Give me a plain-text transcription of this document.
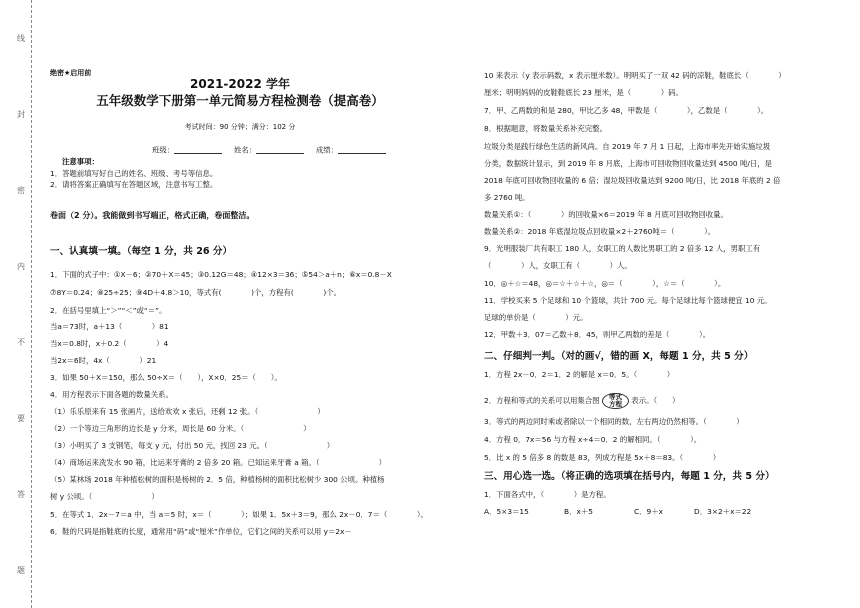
线
封
密
内
不
要
答
题
绝密★启用前
2021-2022 学年
五年级数学下册第一单元简易方程检测卷（提高卷）
考试时间：90 分钟；满分：102 分
班级：	姓名：	成绩：
注意事项：
1．答题前填写好自己的姓名、班级、考号等信息。
2．请将答案正确填写在答题区域，注意书写工整。
卷面（2 分）。我能做到书写端正，格式正确，卷面整洁。
一、认真填一填。（每空 1 分，共 26 分）
1．下面的式子中：①X－6；②70＋X＝45；③0.12G＝48；④12×3＝36；⑤54＞a＋n；⑥x＝0.8－X
⑦8Y＝0.24；⑧25÷25；⑨4D＋4.8＞10，等式有(　　　　)个，方程有(　　　　)个。
2．在括号里填上“＞”“＜”或“＝”。
当a＝73时，a＋13（　　　　）81
当x＝0.8时，x＋0.2（　　　　）4
当2x＝6时，4x（　　　　）21
3．如果 50＋X＝150，那么 50÷X＝（　　），X×0．25＝（　　）。
4．用方程表示下面各题的数量关系。
（1）乐乐原来有 15 张画片，送给欢欢 x 张后，还剩 12 张。（　　　　　　　　）
（2）一个等边三角形的边长是 y 分米，周长是 60 分米。（　　　　　　　　）
（3）小明买了 3 支钢笔，每支 y 元，付出 50 元，找回 23 元。（　　　　　　　　）
（4）商场运来洗发水 90 箱，比运来牙膏的 2 倍多 20 箱。已知运来牙膏 a 箱。（　　　　　　　　）
（5）某林场 2018 年种植松树的面积是杨树的 2．5 倍，种植杨树的面积比松树少 300 公顷。种植杨
树 y 公顷。（　　　　　　　　）
5．在等式 1．2x－7＝a 中，当 a＝5 时，x＝（　　　　）；如果 1．5x＋3＝9，那么 2x－0．7＝（　　　　）。
6．鞋的尺码是指鞋底的长度，通常用“码”或“厘米”作单位，它们之间的关系可以用 y＝2x－
10 来表示（y 表示码数，x 表示厘米数）。明明买了一双 42 码的凉鞋，鞋底长（　　　　）
厘米；明明妈妈的皮鞋鞋底长 23 厘米，是（　　　　）码。
7．甲、乙两数的和是 280，甲比乙多 48，甲数是（　　　　），乙数是（　　　　）。
8．根据题意，将数量关系补充完整。
垃圾分类是践行绿色生活的新风尚。自 2019 年 7 月 1 日起，上海市率先开始实施垃圾
分类，数据统计显示，到 2019 年 8 月底，上海市可回收物回收量达到 4500 吨/日，是
2018 年底可回收物回收量的 6 倍；湿垃圾回收量达到 9200 吨/日，比 2018 年底的 2 倍
多 2760 吨。
数量关系①：（　　　　）的回收量×6＝2019 年 8 月底可回收物回收量。
数量关系②：2018 年底湿垃圾点回收量×2＋2760吨＝（　　　　）。
9．光明服装厂共有职工 180 人，女职工的人数比男职工的 2 倍多 12 人，男职工有
（　　　　）人，女职工有（　　　　）人。
10．◎＋☆＝48，◎＝☆＋☆＋☆，◎＝（　　　　），☆＝（　　　　）。
11．学校买来 5 个足球和 10 个篮球，共计 700 元。每个足球比每个篮球便宜 10 元。
足球的单价是（　　　　）元。
12．甲数＋3．07＝乙数＋8．45，则甲乙两数的差是（　　　　）。
二、仔细判一判。（对的画√，错的画 X，每题 1 分，共 5 分）
1．方程 2x－0．2＝1．2 的解是 x＝0．5。（　　　　）
2．方程和等式的关系可以用集合图 等式
方程 表示。（　　）
3．等式的两边同时乘或者除以一个相同的数，左右两边仍然相等。（　　　　）
4．方程 0．7x＝56 与方程 x÷4＝0．2 的解相同。（　　　　）。
5．比 x 的 5 倍多 8 的数是 83，列成方程是 5x＋8＝83。（　　　　）
三、用心选一选。（将正确的选项填在括号内，每题 1 分，共 5 分）
1．下面各式中，（　　　　）是方程。
A．5×3＝15	B．x＋5	C．9＋x	D．3×2＋x＝22
